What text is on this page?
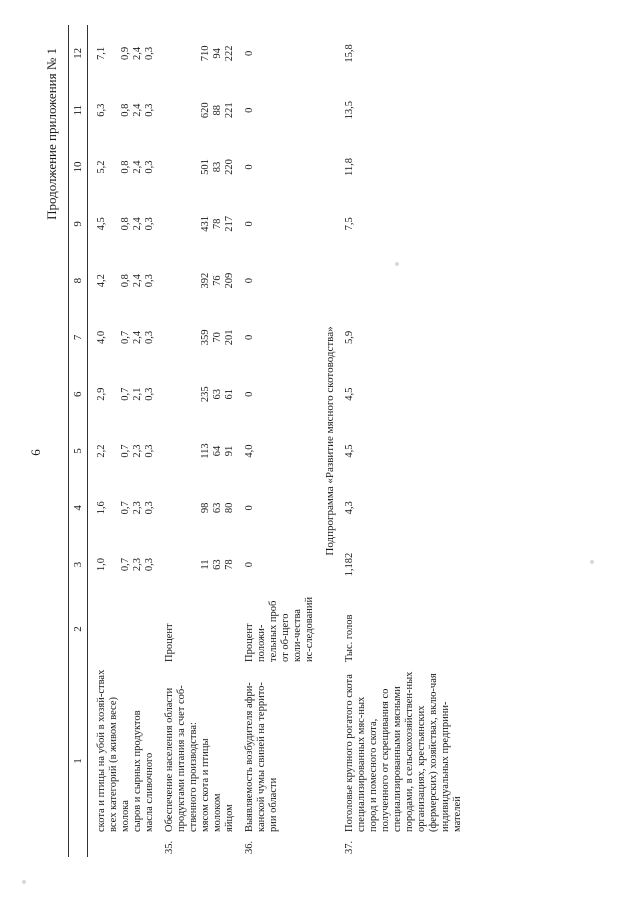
6
Продолжение приложения № 1
1		2	3	4	5	6	7	8	9	10	11	12

	скота и птицы на убой в хозяй-ствах всех категорий (в живом весе)		1,0	1,6	2,2	2,9	4,0	4,2	4,5	5,2	6,3	7,1
	молока		0,7	0,7	0,7	0,7	0,7	0,8	0,8	0,8	0,8	0,9
	сыров и сырных продуктов		2,3	2,3	2,3	2,1	2,4	2,4	2,4	2,4	2,4	2,4
	масла сливочного		0,3	0,3	0,3	0,3	0,3	0,3	0,3	0,3	0,3	0,3

35.	Обеспечение населения области продуктами питания за счет соб-ственного производства:	Процент										
	мясом скота и птицы		11	98	113	235	359	392	431	501	620	710
	молоком		63	63	64	63	70	76	78	83	88	94
	яйцом		78	80	91	61	201	209	217	220	221	222

36.	Выявляемость возбудителя афри-канской чумы свиней на террито-рии области	Процент положи-тельных проб от об-щего коли-чества ис-следований	0	0	4,0	0	0	0	0	0	0	0

Подпрограмма «Развитие мясного скотоводства»												

37.	Поголовье крупного рогатого скота специализированных мяс-ных пород и помесного скота, полученного от скрещивания со специализированными мясными породами, в сельскохозяйствен-ных организациях, крестьянских (фермерских) хозяйствах, вклю-чая индивидуальных предприни-мателей	Тыс. голов	1,182	4,3	4,5	4,5	5,9		7,5	11,8	13,5	15,8
